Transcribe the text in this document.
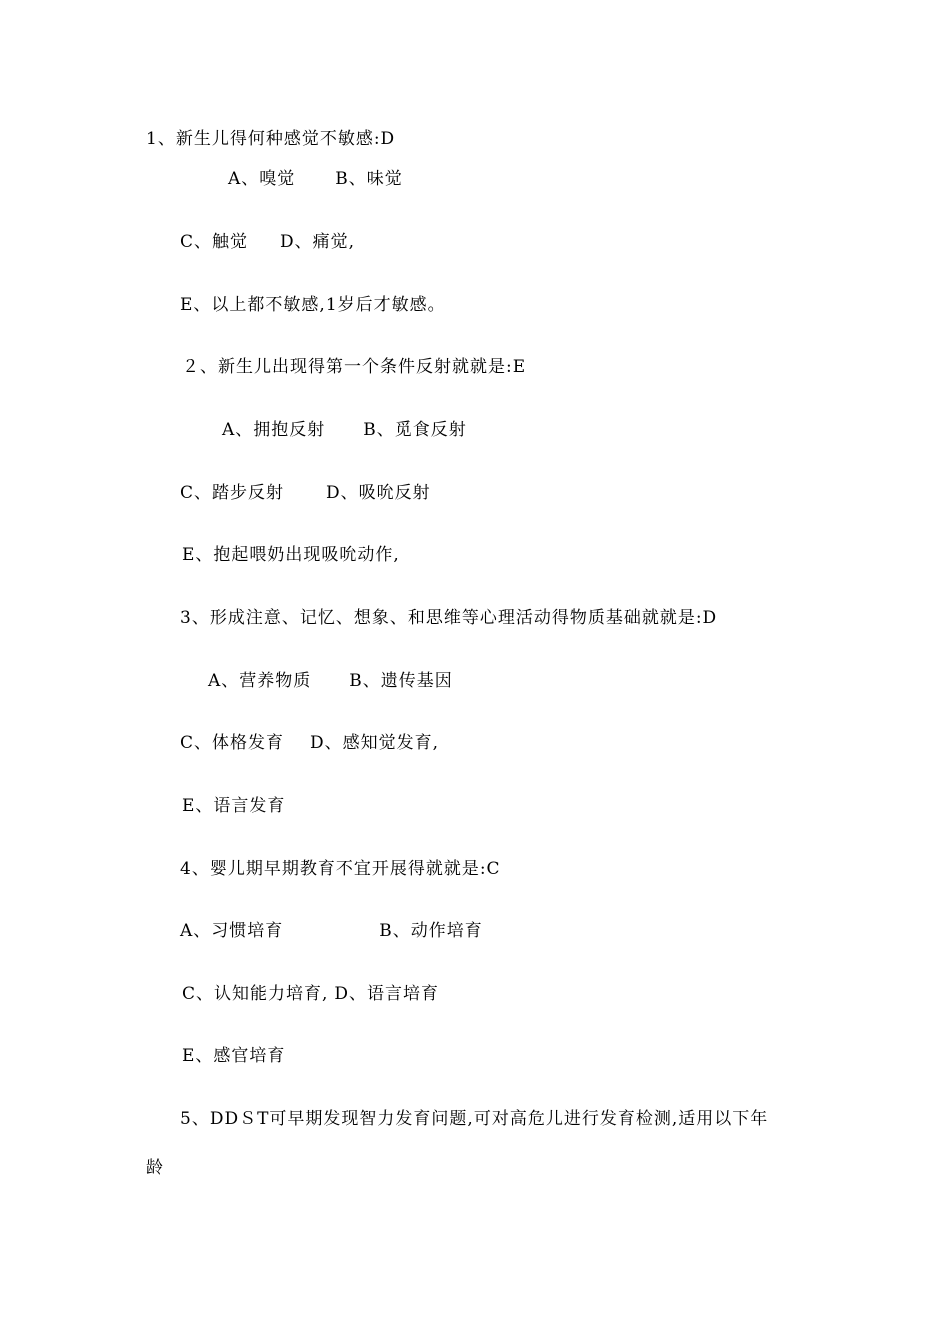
1、新生儿得何种感觉不敏感:D
A、嗅觉 B、味觉
C、触觉 D、痛觉,
E、以上都不敏感,1岁后才敏感。
２、新生儿出现得第一个条件反射就就是:E
A、拥抱反射 B、觅食反射
C、踏步反射 D、吸吮反射
E、抱起喂奶出现吸吮动作,
3、形成注意、记忆、想象、和思维等心理活动得物质基础就就是:D
A、营养物质 B、遗传基因
C、体格发育 D、感知觉发育,
E、语言发育
4、婴儿期早期教育不宜开展得就就是:C
A、习惯培育	B、动作培育
C、认知能力培育, D、语言培育
E、感官培育
5、DDＳT可早期发现智力发育问题,可对高危儿进行发育检测,适用以下年
龄
